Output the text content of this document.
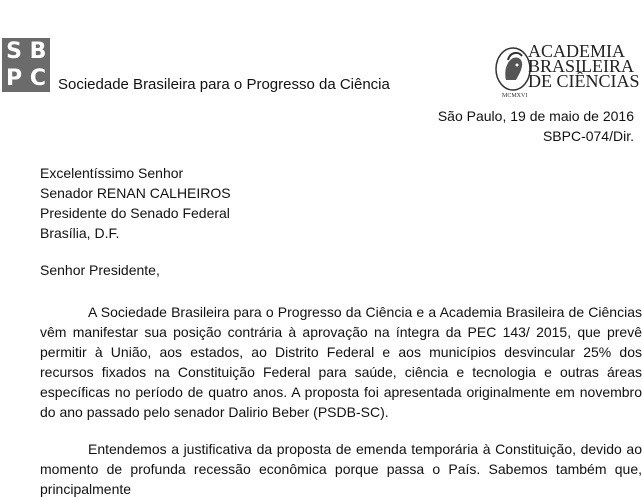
S B
P C Sociedade Brasileira para o Progresso da Ciência
ACADEMIA
BRASILEIRA
DE CIÊNCIAS
MCMXVI
São Paulo, 19 de maio de 2016
SBPC-074/Dir.
Excelentíssimo Senhor
Senador RENAN CALHEIROS
Presidente do Senado Federal
Brasília, D.F.
Senhor Presidente,

A Sociedade Brasileira para o Progresso da Ciência e a Academia Brasileira de Ciências vêm manifestar sua posição contrária à aprovação na íntegra da PEC 143/ 2015, que prevê permitir à União, aos estados, ao Distrito Federal e aos municípios desvincular 25% dos recursos fixados na Constituição Federal para saúde, ciência e tecnologia e outras áreas específicas no período de quatro anos. A proposta foi apresentada originalmente em novembro do ano passado pelo senador Dalirio Beber (PSDB-SC).

Entendemos a justificativa da proposta de emenda temporária à Constituição, devido ao momento de profunda recessão econômica porque passa o País. Sabemos também que, principalmente
